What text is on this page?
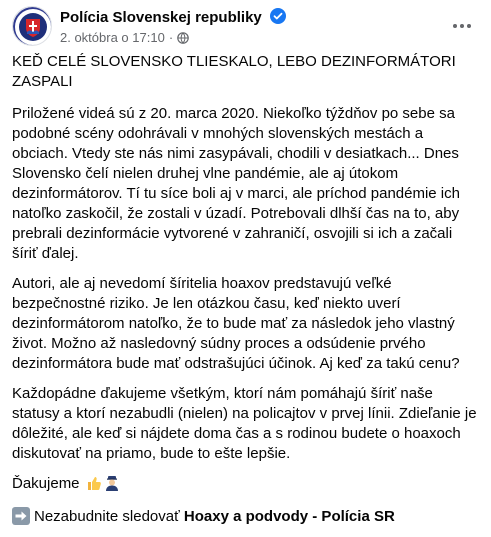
Polícia Slovenskej republiky
2. októbra o 17:10 ·

KEĎ CELÉ SLOVENSKO TLIESKALO, LEBO DEZINFORMÁTORI ZASPALI

Priložené videá sú z 20. marca 2020. Niekoľko týždňov po sebe sa podobné scény odohrávali v mnohých slovenských mestách a obciach. Vtedy ste nás nimi zasypávali, chodili v desiatkach... Dnes Slovensko čelí nielen druhej vlne pandémie, ale aj útokom dezinformátorov. Tí tu síce boli aj v marci, ale príchod pandémie ich natoľko zaskočil, že zostali v úzadí. Potrebovali dlhší čas na to, aby prebrali dezinformácie vytvorené v zahraničí, osvojili si ich a začali šíriť ďalej.

Autori, ale aj nevedomí šíritelia hoaxov predstavujú veľké bezpečnostné riziko. Je len otázkou času, keď niekto uverí dezinformátorom natoľko, že to bude mať za následok jeho vlastný život. Možno až nasledovný súdny proces a odsúdenie prvého dezinformátora bude mať odstrašujúci účinok. Aj keď za takú cenu?

Každopádne ďakujeme všetkým, ktorí nám pomáhajú šíriť naše statusy a ktorí nezabudli (nielen) na policajtov v prvej línii. Zdieľanie je dôležité, ale keď si nájdete doma čas a s rodinou budete o hoaxoch diskutovať na priamo, bude to ešte lepšie.

Ďakujeme

Nezabudnite sledovať Hoaxy a podvody - Polícia SR
